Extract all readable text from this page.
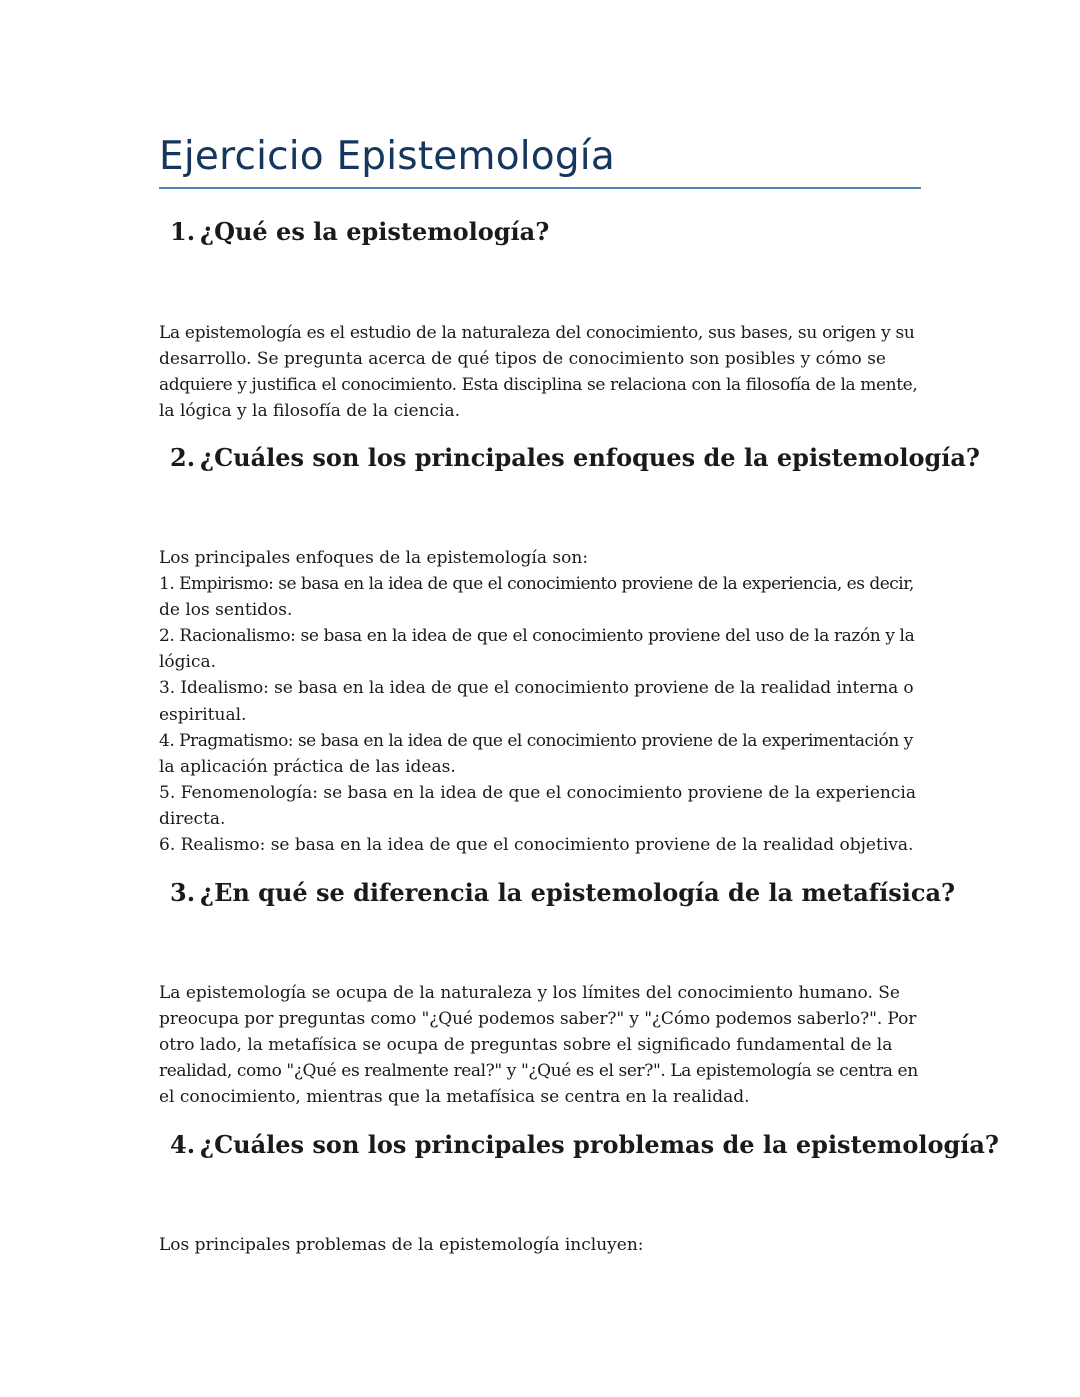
Ejercicio Epistemología
1. ¿Qué es la epistemología?
La epistemología es el estudio de la naturaleza del conocimiento, sus bases, su origen y su
desarrollo. Se pregunta acerca de qué tipos de conocimiento son posibles y cómo se
adquiere y justifica el conocimiento. Esta disciplina se relaciona con la filosofía de la mente,
la lógica y la filosofía de la ciencia.
2. ¿Cuáles son los principales enfoques de la epistemología?
Los principales enfoques de la epistemología son:
1. Empirismo: se basa en la idea de que el conocimiento proviene de la experiencia, es decir,
de los sentidos.
2. Racionalismo: se basa en la idea de que el conocimiento proviene del uso de la razón y la
lógica.
3. Idealismo: se basa en la idea de que el conocimiento proviene de la realidad interna o
espiritual.
4. Pragmatismo: se basa en la idea de que el conocimiento proviene de la experimentación y
la aplicación práctica de las ideas.
5. Fenomenología: se basa en la idea de que el conocimiento proviene de la experiencia
directa.
6. Realismo: se basa en la idea de que el conocimiento proviene de la realidad objetiva.
3. ¿En qué se diferencia la epistemología de la metafísica?
La epistemología se ocupa de la naturaleza y los límites del conocimiento humano. Se
preocupa por preguntas como "¿Qué podemos saber?" y "¿Cómo podemos saberlo?". Por
otro lado, la metafísica se ocupa de preguntas sobre el significado fundamental de la
realidad, como "¿Qué es realmente real?" y "¿Qué es el ser?". La epistemología se centra en
el conocimiento, mientras que la metafísica se centra en la realidad.
4. ¿Cuáles son los principales problemas de la epistemología?
Los principales problemas de la epistemología incluyen:
